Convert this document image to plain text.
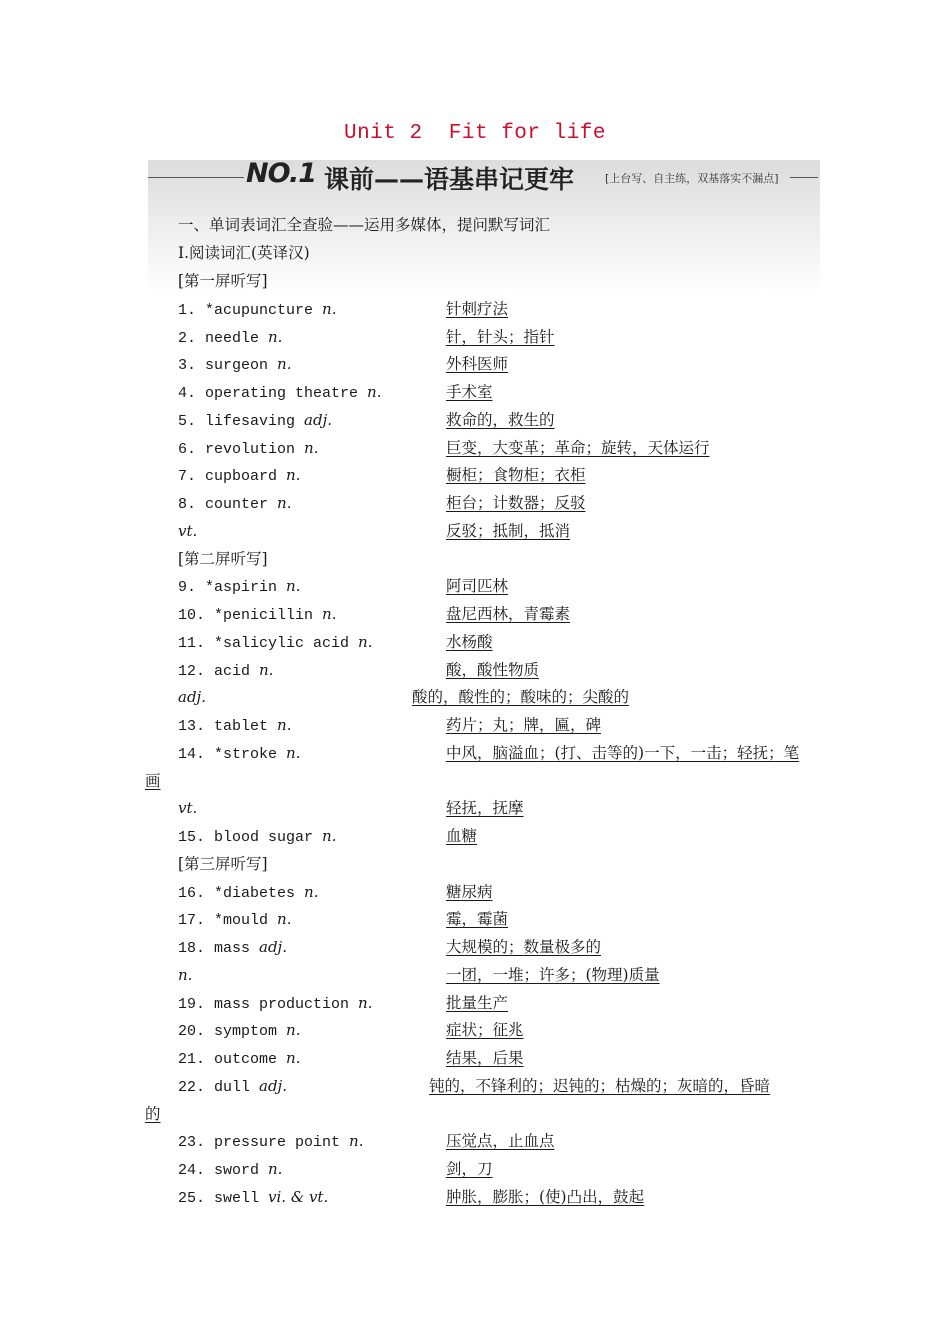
Unit 2  Fit for life
NO.1 课前——语基串记更牢	[上台写、自主练，双基落实不漏点]
一、单词表词汇全查验——运用多媒体，提问默写词汇
Ⅰ.阅读词汇(英译汉)
[第一屏听写]
1. *acupuncture n.	针刺疗法
2. needle n.	针，针头；指针
3. surgeon n.	外科医师
4. operating theatre n.	手术室
5. lifesaving adj.	救命的，救生的
6. revolution n.	巨变，大变革；革命；旋转，天体运行
7. cupboard n.	橱柜；食物柜；衣柜
8. counter n.	柜台；计数器；反驳
vt.	反驳；抵制，抵消
[第二屏听写]
9. *aspirin n.	阿司匹林
10. *penicillin n.	盘尼西林，青霉素
11. *salicylic acid n.	水杨酸
12. acid n.	酸，酸性物质
adj.	酸的，酸性的；酸味的；尖酸的
13. tablet n.	药片；丸；牌，匾，碑
14. *stroke n.	中风，脑溢血；(打、击等的)一下，一击；轻抚；笔
画
vt.	轻抚，抚摩
15. blood sugar n.	血糖
[第三屏听写]
16. *diabetes n.	糖尿病
17. *mould n.	霉，霉菌
18. mass adj.	大规模的；数量极多的
n.	一团，一堆；许多；(物理)质量
19. mass production n.	批量生产
20. symptom n.	症状；征兆
21. outcome n.	结果，后果
22. dull adj.	钝的，不锋利的；迟钝的；枯燥的；灰暗的，昏暗
的
23. pressure point n.	压觉点，止血点
24. sword n.	剑，刀
25. swell vi. & vt.	肿胀，膨胀；(使)凸出，鼓起
